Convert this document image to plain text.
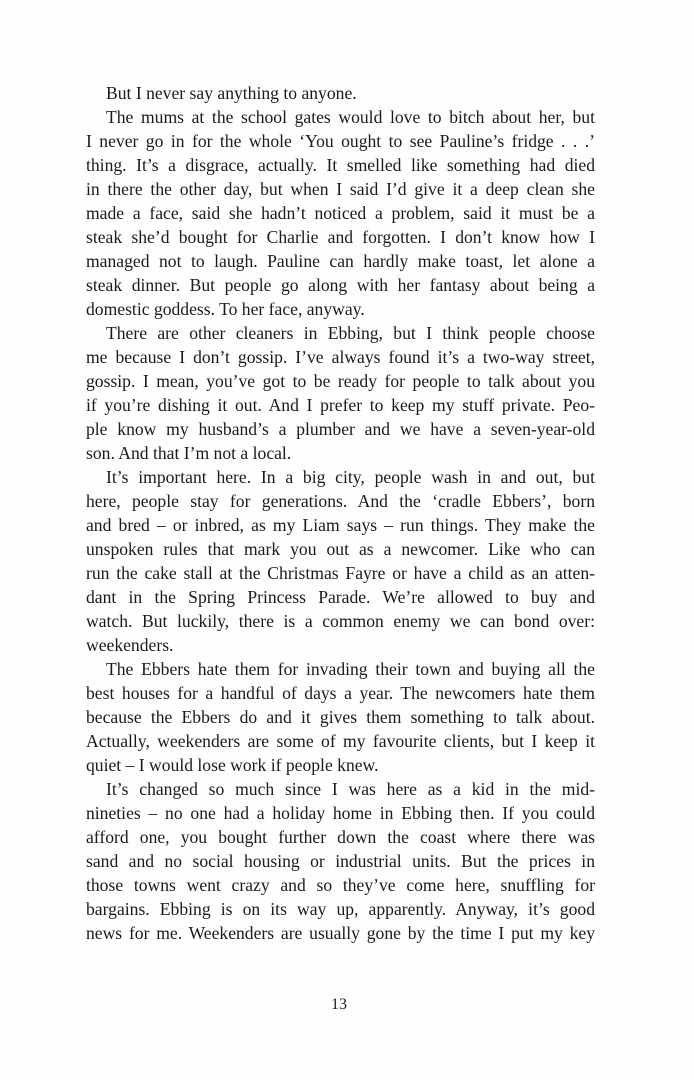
But I never say anything to anyone.

The mums at the school gates would love to bitch about her, but
I never go in for the whole ‘You ought to see Pauline’s fridge . . .’
thing. It’s a disgrace, actually. It smelled like something had died
in there the other day, but when I said I’d give it a deep clean she
made a face, said she hadn’t noticed a problem, said it must be a
steak she’d bought for Charlie and forgotten. I don’t know how I
managed not to laugh. Pauline can hardly make toast, let alone a
steak dinner. But people go along with her fantasy about being a
domestic goddess. To her face, anyway.

There are other cleaners in Ebbing, but I think people choose
me because I don’t gossip. I’ve always found it’s a two-way street,
gossip. I mean, you’ve got to be ready for people to talk about you
if you’re dishing it out. And I prefer to keep my stuff private. Peo-
ple know my husband’s a plumber and we have a seven-year-old
son. And that I’m not a local.

It’s important here. In a big city, people wash in and out, but
here, people stay for generations. And the ‘cradle Ebbers’, born
and bred – or inbred, as my Liam says – run things. They make the
unspoken rules that mark you out as a newcomer. Like who can
run the cake stall at the Christmas Fayre or have a child as an atten-
dant in the Spring Princess Parade. We’re allowed to buy and
watch. But luckily, there is a common enemy we can bond over:
weekenders.

The Ebbers hate them for invading their town and buying all the
best houses for a handful of days a year. The newcomers hate them
because the Ebbers do and it gives them something to talk about.
Actually, weekenders are some of my favourite clients, but I keep it
quiet – I would lose work if people knew.

It’s changed so much since I was here as a kid in the mid-
nineties – no one had a holiday home in Ebbing then. If you could
afford one, you bought further down the coast where there was
sand and no social housing or industrial units. But the prices in
those towns went crazy and so they’ve come here, snuffling for
bargains. Ebbing is on its way up, apparently. Anyway, it’s good
news for me. Weekenders are usually gone by the time I put my key

13
